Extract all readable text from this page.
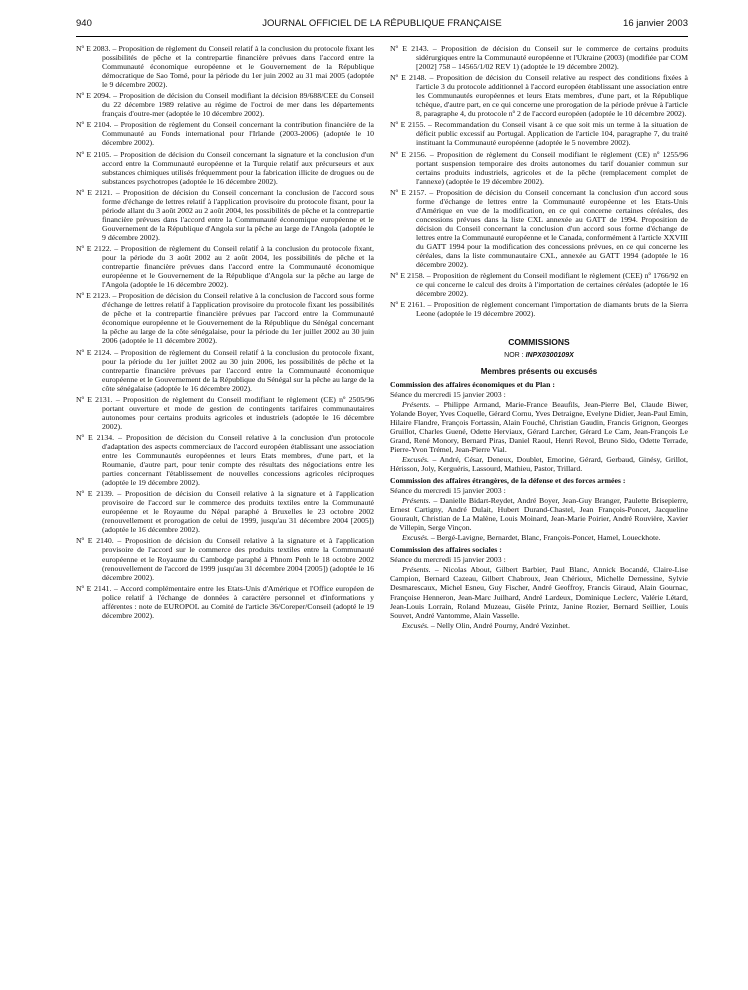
940	JOURNAL OFFICIEL DE LA RÉPUBLIQUE FRANÇAISE	16 janvier 2003

Nº E 2083. – Proposition de règlement du Conseil relatif à la conclusion du protocole fixant les possibilités de pêche et la contrepartie financière prévues dans l'accord entre la Communauté économique européenne et le Gouvernement de la République démocratique de Sao Tomé, pour la période du 1er juin 2002 au 31 mai 2005 (adoptée le 9 décembre 2002).

Nº E 2094. – Proposition de décision du Conseil modifiant la décision 89/688/CEE du Conseil du 22 décembre 1989 relative au régime de l'octroi de mer dans les départements français d'outre-mer (adoptée le 10 décembre 2002).

Nº E 2104. – Proposition de règlement du Conseil concernant la contribution financière de la Communauté au Fonds international pour l'Irlande (2003-2006) (adoptée le 10 décembre 2002).

Nº E 2105. – Proposition de décision du Conseil concernant la signature et la conclusion d'un accord entre la Communauté européenne et la Turquie relatif aux précurseurs et aux substances chimiques utilisés fréquemment pour la fabrication illicite de drogues ou de substances psychotropes (adoptée le 16 décembre 2002).

Nº E 2121. – Proposition de décision du Conseil concernant la conclusion de l'accord sous forme d'échange de lettres relatif à l'application provisoire du protocole fixant, pour la période allant du 3 août 2002 au 2 août 2004, les possibilités de pêche et la contrepartie financière prévues dans l'accord entre la Communauté économique européenne et le Gouvernement de la République d'Angola sur la pêche au large de l'Angola (adoptée le 9 décembre 2002).

Nº E 2122. – Proposition de règlement du Conseil relatif à la conclusion du protocole fixant, pour la période du 3 août 2002 au 2 août 2004, les possibilités de pêche et la contrepartie financière prévues dans l'accord entre la Communauté économique européenne et le Gouvernement de la République d'Angola sur la pêche au large de l'Angola (adoptée le 16 décembre 2002).

Nº E 2123. – Proposition de décision du Conseil relative à la conclusion de l'accord sous forme d'échange de lettres relatif à l'application provisoire du protocole fixant les possibilités de pêche et la contrepartie financière prévues par l'accord entre la Communauté économique européenne et le Gouvernement de la République du Sénégal concernant la pêche au large de la côte sénégalaise, pour la période du 1er juillet 2002 au 30 juin 2006 (adoptée le 11 décembre 2002).

Nº E 2124. – Proposition de règlement du Conseil relatif à la conclusion du protocole fixant, pour la période du 1er juillet 2002 au 30 juin 2006, les possibilités de pêche et la contrepartie financière prévues par l'accord entre la Communauté économique européenne et le Gouvernement de la République du Sénégal sur la pêche au large de la côte sénégalaise (adoptée le 16 décembre 2002).

Nº E 2131. – Proposition de règlement du Conseil modifiant le règlement (CE) nº 2505/96 portant ouverture et mode de gestion de contingents tarifaires communautaires autonomes pour certains produits agricoles et industriels (adoptée le 16 décembre 2002).

Nº E 2134. – Proposition de décision du Conseil relative à la conclusion d'un protocole d'adaptation des aspects commerciaux de l'accord européen établissant une association entre les Communautés européennes et leurs Etats membres, d'une part, et la Roumanie, d'autre part, pour tenir compte des résultats des négociations entre les parties concernant l'établissement de nouvelles concessions agricoles réciproques (adoptée le 19 décembre 2002).

Nº E 2139. – Proposition de décision du Conseil relative à la signature et à l'application provisoire de l'accord sur le commerce des produits textiles entre la Communauté européenne et le Royaume du Népal paraphé à Bruxelles le 23 octobre 2002 (renouvellement et prorogation de celui de 1999, jusqu'au 31 décembre 2004 [2005]) (adoptée le 16 décembre 2002).

Nº E 2140. – Proposition de décision du Conseil relative à la signature et à l'application provisoire de l'accord sur le commerce des produits textiles entre la Communauté européenne et le Royaume du Cambodge paraphé à Phnom Penh le 18 octobre 2002 (renouvellement de l'accord de 1999 jusqu'au 31 décembre 2004 [2005]) (adoptée le 16 décembre 2002).

Nº E 2141. – Accord complémentaire entre les Etats-Unis d'Amérique et l'Office européen de police relatif à l'échange de données à caractère personnel et d'informations y afférentes : note de EUROPOL au Comité de l'article 36/Coreper/Conseil (adopté le 19 décembre 2002).

Nº E 2143. – Proposition de décision du Conseil sur le commerce de certains produits sidérurgiques entre la Communauté européenne et l'Ukraine (2003) (modifiée par COM [2002] 758 – 14565/1/02 REV 1) (adoptée le 19 décembre 2002).

Nº E 2148. – Proposition de décision du Conseil relative au respect des conditions fixées à l'article 3 du protocole additionnel à l'accord européen établissant une association entre les Communautés européennes et leurs Etats membres, d'une part, et la République tchèque, d'autre part, en ce qui concerne une prorogation de la période prévue à l'article 8, paragraphe 4, du protocole nº 2 de l'accord européen (adoptée le 10 décembre 2002).

Nº E 2155. – Recommandation du Conseil visant à ce que soit mis un terme à la situation de déficit public excessif au Portugal. Application de l'article 104, paragraphe 7, du traité instituant la Communauté européenne (adoptée le 5 novembre 2002).

Nº E 2156. – Proposition de règlement du Conseil modifiant le règlement (CE) nº 1255/96 portant suspension temporaire des droits autonomes du tarif douanier commun sur certains produits industriels, agricoles et de la pêche (remplacement complet de l'annexe) (adoptée le 19 décembre 2002).

Nº E 2157. – Proposition de décision du Conseil concernant la conclusion d'un accord sous forme d'échange de lettres entre la Communauté européenne et les Etats-Unis d'Amérique en vue de la modification, en ce qui concerne certaines céréales, des concessions prévues dans la liste CXL annexée au GATT de 1994. Proposition de décision du Conseil concernant la conclusion d'un accord sous forme d'échange de lettres entre la Communauté européenne et le Canada, conformément à l'article XXVIII du GATT 1994 pour la modification des concessions prévues, en ce qui concerne les céréales, dans la liste communautaire CXL, annexée au GATT 1994 (adoptée le 16 décembre 2002).

Nº E 2158. – Proposition de règlement du Conseil modifiant le règlement (CEE) nº 1766/92 en ce qui concerne le calcul des droits à l'importation de certaines céréales (adoptée le 16 décembre 2002).

Nº E 2161. – Proposition de règlement concernant l'importation de diamants bruts de la Sierra Leone (adoptée le 19 décembre 2002).

COMMISSIONS
NOR : INPX0300109X
Membres présents ou excusés
Commission des affaires économiques et du Plan :
Séance du mercredi 15 janvier 2003 :

Présents. – Philippe Armand, Marie-France Beaufils, Jean-Pierre Bel, Claude Biwer, Yolande Boyer, Yves Coquelle, Gérard Cornu, Yves Detraigne, Evelyne Didier, Jean-Paul Emin, Hilaire Flandre, François Fortassin, Alain Fouché, Christian Gaudin, Francis Grignon, Georges Gruillot, Charles Guené, Odette Herviaux, Gérard Larcher, Gérard Le Cam, Jean-François Le Grand, René Monory, Bernard Piras, Daniel Raoul, Henri Revol, Bruno Sido, Odette Terrade, Pierre-Yvon Trémel, Jean-Pierre Vial.

Excusés. – André, César, Deneux, Doublet, Emorine, Gérard, Gerbaud, Ginésy, Grillot, Hérisson, Joly, Kerguéris, Lassourd, Mathieu, Pastor, Trillard.

Commission des affaires étrangères, de la défense et des forces armées :
Séance du mercredi 15 janvier 2003 :

Présents. – Danielle Bidart-Reydet, André Boyer, Jean-Guy Branger, Paulette Brisepierre, Ernest Cartigny, André Dulait, Hubert Durand-Chastel, Jean François-Poncet, Jacqueline Gourault, Christian de La Malène, Louis Moinard, Jean-Marie Poirier, André Rouvière, Xavier de Villepin, Serge Vinçon.

Excusés. – Bergé-Lavigne, Bernardet, Blanc, François-Poncet, Hamel, Loueckhote.

Commission des affaires sociales :
Séance du mercredi 15 janvier 2003 :

Présents. – Nicolas About, Gilbert Barbier, Paul Blanc, Annick Bocandé, Claire-Lise Campion, Bernard Cazeau, Gilbert Chabroux, Jean Chérioux, Michelle Demessine, Sylvie Desmarescaux, Michel Esneu, Guy Fischer, André Geoffroy, Francis Giraud, Alain Gournac, Françoise Henneron, Jean-Marc Juilhard, André Lardeux, Dominique Leclerc, Valérie Létard, Jean-Louis Lorrain, Roland Muzeau, Gisèle Printz, Janine Rozier, Bernard Seillier, Louis Souvet, André Vantomme, Alain Vasselle.

Excusés. – Nelly Olin, André Pourny, André Vezinhet.
